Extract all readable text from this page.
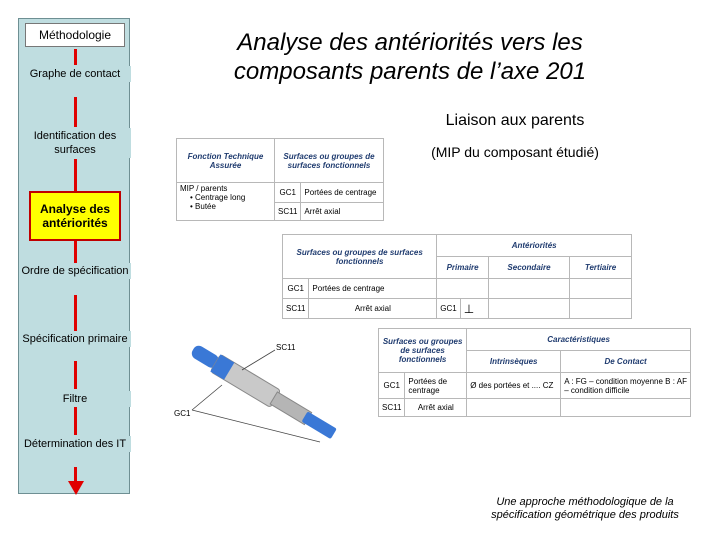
Méthodologie
Graphe de contact
Identification des surfaces
Analyse des antériorités
Ordre de spécification
Spécification primaire
Filtre
Détermination des IT
Analyse des antériorités vers les composants parents de l’axe 201
Liaison aux parents
(MIP du composant étudié)
Fonction Technique Assurée	Surfaces ou groupes de surfaces fonctionnels	

MIP / parents
• Centrage long
• Butée	GC1	Portées de centrage
	SC11	Arrêt axial
Surfaces ou groupes de surfaces fonctionnels		Antériorités			
		Primaire		Secondaire	Tertiaire
GC1	Portées de centrage				
SC11	Arrêt axial	GC1	⊥		
Surfaces ou groupes de surfaces fonctionnels		Caractéristiques	
		Intrinsèques	De Contact
GC1	Portées de centrage	Ø des portées et .... CZ	A : FG – condition moyenne B : AF – condition difficile
SC11	Arrêt axial		
SC11
GC1
Une approche méthodologique de la spécification géométrique des produits
